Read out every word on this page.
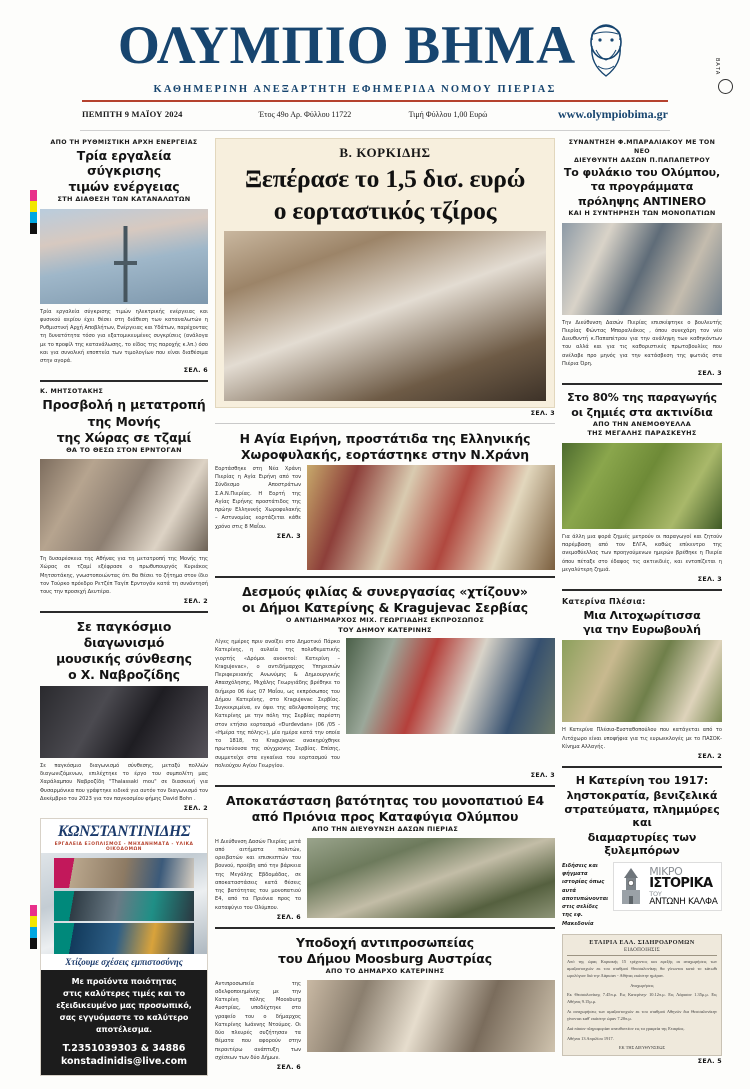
ΒΑΤΑ
ΟΛΥΜΠΙΟ ΒΗΜΑ
ΚΑΘΗΜΕΡΙΝΗ ΑΝΕΞΑΡΤΗΤΗ ΕΦΗΜΕΡΙΔΑ ΝΟΜΟΥ ΠΙΕΡΙΑΣ
ΠΕΜΠΤΗ 9 ΜΑΪΟΥ 2024	Έτος 49ο Αρ. Φύλλου 11722	Τιμή Φύλλου 1,00 Ευρώ	www.olympiobima.gr
ΑΠΟ ΤΗ ΡΥΘΜΙΣΤΙΚΗ ΑΡΧΗ ΕΝΕΡΓΕΙΑΣ
Τρία εργαλεία σύγκρισης
τιμών ενέργειας
ΣΤΗ ΔΙΑΘΕΣΗ ΤΩΝ ΚΑΤΑΝΑΛΩΤΩΝ
Τρία εργαλεία σύγκρισης τιμών ηλεκτρικής ενέργειας και φυσικού αερίου έχει θέσει στη διάθεση των καταναλωτών η Ρυθμιστική Αρχή Αποβλήτων, Ενέργειας και Υδάτων, παρέχοντας τη δυνατότητα τόσο για εξατομικευμένες συγκρίσεις (ανάλογα με το προφίλ της κατανάλωσης, το είδος της παροχής κ.λπ.) όσο και για συνολική εποπτεία των τιμολογίων που είναι διαθέσιμα στην αγορά.
ΣΕΛ. 6
Κ. ΜΗΤΣΟΤΑΚΗΣ
Προσβολή η μετατροπή
της Μονής
της Χώρας σε τζαμί
ΘΑ ΤΟ ΘΕΣΩ ΣΤΟΝ ΕΡΝΤΟΓΑΝ
Τη δυσαρέσκεια της Αθήνας για τη μετατροπή της Μονής της Χώρας σε τζαμί εξέφρασε ο πρωθυπουργός Κυριάκος Μητσοτάκης, γνωστοποιώντας ότι θα θέσει το ζήτημα στον ίδιο τον Τούρκο πρόεδρο Ρετζέπ Ταγίπ Ερντογάν κατά τη συνάντησή τους την προσεχή Δευτέρα.
ΣΕΛ. 2
Σε παγκόσμιο διαγωνισμό
μουσικής σύνθεσης
ο Χ. Ναβροζίδης
Σε παγκόσμιο διαγωνισμό σύνθεσης, μεταξύ πολλών διαγωνιζόμενων, επιλέχτηκε το έργο του συμπολίτη μας Χαράλαμπου Ναβροζίδη "Thalassaki mou" σε διασκευή για Φυσαρμόνικα που γράφτηκε ειδικά για αυτόν τον διαγωνισμό τον Δεκέμβριο του 2023 για τον παγκοσμίου φήμης David Bohn .
ΣΕΛ. 2
ΚΩΝΣΤΑΝΤΙΝΙΔΗΣ
ΕΡΓΑΛΕΙΑ ΕΞΟΠΛΙΣΜΟΣ - ΜΗΧΑΝΗΜΑΤΑ - ΥΛΙΚΑ ΟΙΚΟΔΟΜΩΝ
Χτίζουμε σχέσεις εμπιστοσύνης
Με προϊόντα ποιότητας
στις καλύτερες τιμές και το
εξειδικευμένο μας προσωπικό,
σας εγγυόμαστε το καλύτερο
αποτέλεσμα.
T.2351039303 & 34886
konstadinidis@live.com
Β. ΚΟΡΚΙΔΗΣ
Ξεπέρασε το 1,5 δισ. ευρώ
ο εορταστικός τζίρος
ΣΕΛ. 3
Η Αγία Ειρήνη, προστάτιδα της Ελληνικής
Χωροφυλακής, εορτάστηκε στην Ν.Χράνη
Εορτάσθηκε στη Νέα Χράνη Πιερίας η Αγία Ειρήνη από τον Σύνδεσμο Αποστράτων Σ.Α.Ν.Πιερίας. Η Εορτή της Αγίας Ειρήνης προστάτιδος της πρώην Ελληνικής Χωροφυλακής – Αστυνομίας εορτάζεται κάθε χρόνο στις 8 Μαΐου.
ΣΕΛ. 3
Δεσμούς φιλίας & συνεργασίας «χτίζουν»
οι Δήμοι Κατερίνης & Kragujevac Σερβίας
Ο ΑΝΤΙΔΗΜΑΡΧΟΣ ΜΙΧ. ΓΕΩΡΓΙΑΔΗΣ ΕΚΠΡΟΣΩΠΟΣ
ΤΟΥ ΔΗΜΟΥ ΚΑΤΕΡΙΝΗΣ
Λίγες ημέρες πριν ανοίξει στο Δημοτικό Πάρκο Κατερίνης, η αυλαία της πολυθεματικής γιορτής «Δρόμοι ανοικτοί: Κατερίνη – Kragujevac», ο αντιδήμαρχος Υπηρεσιών Περιφερειακής Ανωνύμης & Δημιουργικής Απασχόλησης, Μιχάλης Γεωργιάδης βρέθηκε το διήμερο 06 έως 07 Μαΐου, ως εκπρόσωπος του Δήμου Κατερίνης, στο Kragujevac Σερβίας. Συγκεκριμένα, εν όψει της αδελφοποίησης της Κατερίνης με την πόλη της Σερβίας παρέστη στον ετήσιο εορτασμό «Đurđevdan» (06 /05 - «Ημέρα της πόλης»), μία ημέρα κατά την οποία το 1818, το Kragujevac ανακηρύχθηκε πρωτεύουσα της σύγχρονης Σερβίας. Επίσης, συμμετείχε στα εγκαίνια του εορτασμού του πολιούχου Αγίου Γεωργίου.
ΣΕΛ. 3
Αποκατάσταση βατότητας του μονοπατιού Ε4
από Πριόνια προς Καταφύγια Ολύμπου
ΑΠΟ ΤΗΝ ΔΙΕΥΘΥΝΣΗ ΔΑΣΩΝ ΠΙΕΡΙΑΣ
Η Διεύθυνση Δασών Πιερίας μετά από αιτήματα πολιτών, ορειβατών και επισκεπτών του βουνού, προέβη από την βάρκεια της Μεγάλης Εβδομάδας, σε αποκαταστάσεις κατά θέσεις της βατότητας του μονοπατιού Ε4, από τα Πριόνια προς το καταφύγιο του Ολύμπου.
ΣΕΛ. 6
Υποδοχή αντιπροσωπείας
του Δήμου Moosburg Αυστρίας
ΑΠΟ ΤΟ ΔΗΜΑΡΧΟ ΚΑΤΕΡΙΝΗΣ
Αντιπροσωπεία της αδελφοποιημένης με την Κατερίνη πόλης Moosburg Αυστρίας, υποδέχτηκε στο γραφείο του ο δήμαρχος Κατερίνης Ιωάννης Ντούμος. Οι δύο πλευρές συζήτησαν τα θέματα που αφορούν στην περαιτέρω ανάπτυξη των σχέσεων των δύο Δήμων.
ΣΕΛ. 6
ΣΥΝΑΝΤΗΣΗ Φ.ΜΠΑΡΑΛΙΑΚΟΥ ΜΕ ΤΟΝ ΝΕΟ
ΔΙΕΥΘΥΝΤΗ ΔΑΣΩΝ Π.ΠΑΠΑΠΕΤΡΟΥ
Το φυλάκιο του Ολύμπου,
τα προγράμματα
πρόληψης ANTINERO
ΚΑΙ Η ΣΥΝΤΗΡΗΣΗ ΤΩΝ ΜΟΝΟΠΑΤΙΩΝ
Την Διεύθυνση Δασών Πιερίας επισκέφτηκε ο βουλευτής Πιερίας Φώντας Μπαραλιάκος , όπου συνεχάρη τον νέο Διευθυντή κ.Παπαπέτρου για την ανάληψη των καθηκόντων του αλλά και για τις καθοριστικές πρωτοβουλίες που ανέλαβε προ μηνός για την κατάσβεση της φωτιάς στα Πιέρια Όρη.
ΣΕΛ. 3
Στο 80% της παραγωγής
οι ζημιές στα ακτινίδια
ΑΠΟ ΤΗΝ ΑΝΕΜΟΘΥΕΛΛΑ
ΤΗΣ ΜΕΓΑΛΗΣ ΠΑΡΑΣΚΕΥΗΣ
Για άλλη μια φορά ζημιές μετρούν οι παραγωγοί και ζητούν παρέμβαση από τον ΕΛΓΑ, καθώς επίκεντρο της ανεμοθύελλας των προηγούμενων ημερών βρέθηκε η Πιερία όπου πέταξε στο έδαφος τις ακτινιδιές, και εντοπίζεται η μεγαλύτερη ζημιά.
ΣΕΛ. 3
Κατερίνα Πλέσια:
Μια Λιτοχωρίτισσα
για την Ευρωβουλή
Η Κατερίνα Πλέσια-Ευσταθοπούλου που κατάγεται από το Λιτόχωρο είναι υποψήφια για τις ευρωεκλογές με το ΠΑΣΟΚ-Κίνημα Αλλαγής.
ΣΕΛ. 2
Η Κατερίνη του 1917:
ληστοκρατία, βενιζελικά
στρατεύματα, πλημμύρες και
διαμαρτυρίες των ξυλεμπόρων
Ειδήσεις και ψήγματα ιστορίας όπως αυτά αποτυπώνονται στις σελίδες της εφ. Μακεδονία
ΜΙΚΡΟ
ΙΣΤΟΡΙΚΑ
ΤΟΥ
ΑΝΤΩΝΗ ΚΑΛΦΑ
ΕΤΑΙΡΙΑ ΕΛΛ. ΣΙΔΗΡΟΔΡΟΜΩΝ
ΕΙΔΟΠΟΙΗΣΙΣ
Από της ώρας Κυριακής 15 τρέχοντος και εφεξής αι αναχωρήσεις των αμαξοστοιχιών εκ του σταθμού Θεσσαλονίκης θα γίνωνται κατά το κάτωθι ωρολόγιον διά την Λάρισαν - Αθήνας εκάστην ημέραν.
Αναχωρήσεις
Εκ Θεσσαλονίκης 7.45π.μ. Εις Κατερίνην 10.12π.μ. Εις Λάρισαν 1.35μ.μ. Εις Αθήνας 9.15μ.μ.
Αι αναχωρήσεις των αμαξοστοιχιών εκ του σταθμού Αθηνών δια Θεσσαλονίκην γίνονται καθ' εκάστην ώραν 7.20π.μ.
Διά πάσαν πληροφορίαν απευθυντέον εις τα γραφεία της Εταιρίας.
Αθήναι 13 Απριλίου 1917.
ΕΚ ΤΗΣ ΔΙΕΥΘΥΝΣΕΩΣ
ΣΕΛ. 5
